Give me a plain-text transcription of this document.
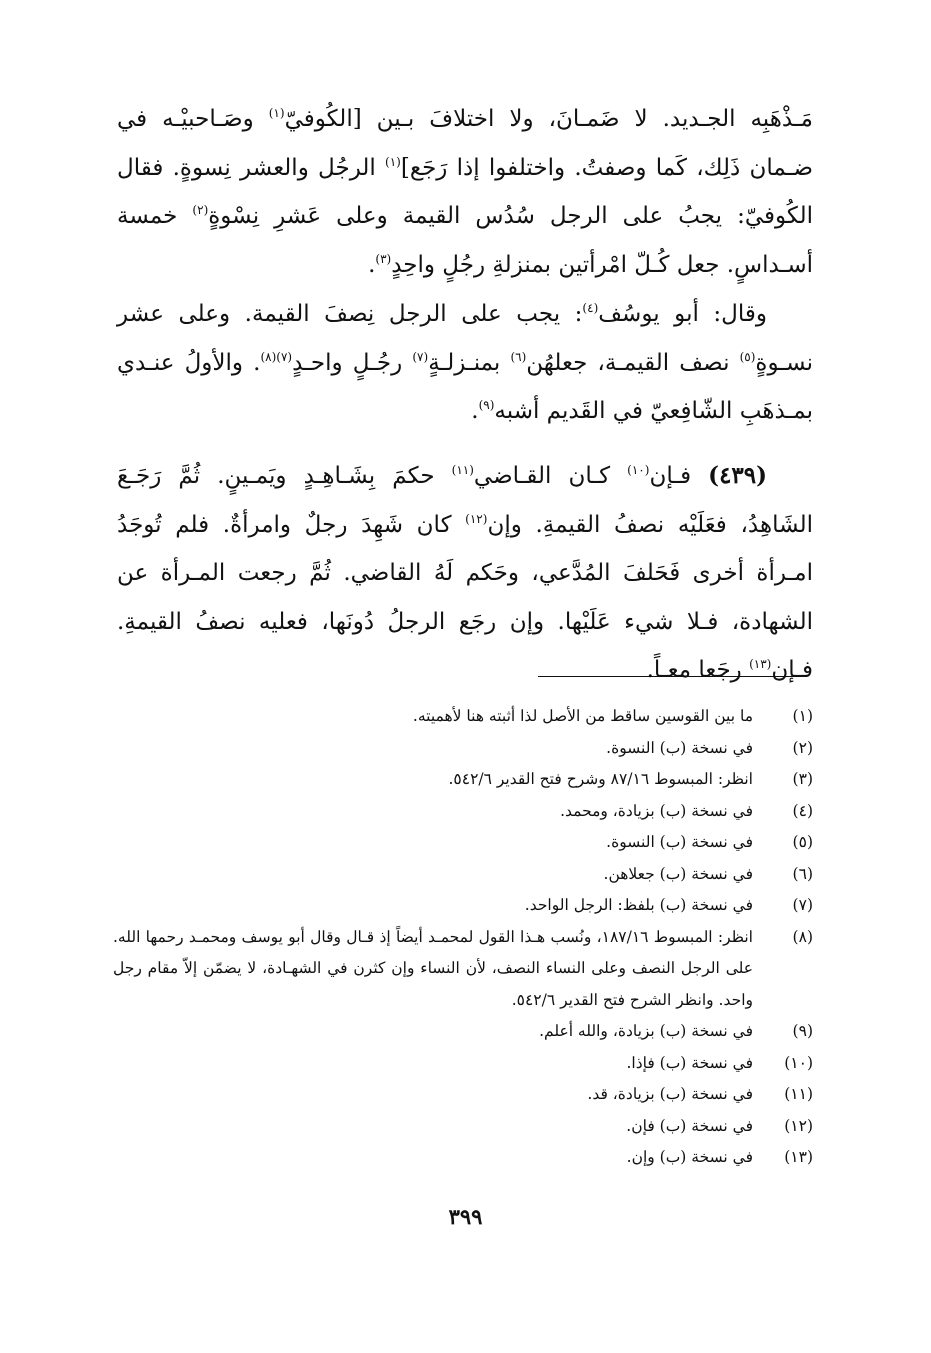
مَـذْهَبِه الجـديد. لا ضَمـانَ، ولا اختلافَ بـين [الكُوفيّ$^{(١)}$ وصَـاحبيْـه في ضـمان ذَلِك، كَما وصفتُ. واختلفوا إذا رَجَع]$^{(١)}$ الرجُل والعشر نِسوةٍ. فقال الكُوفيّ: يجبُ على الرجل سُدُس القيمة وعلى عَشرِ نِسْوةٍ$^{(٢)}$ خمسة أسـداسٍ. جعل كُـلّ امْرأتين بمنزلةِ رجُلٍ واحِدٍ$^{(٣)}$.

وقال: أبو يوسُف$^{(٤)}$: يجب على الرجل نِصفَ القيمة. وعلى عشر نسـوةٍ$^{(٥)}$ نصف القيمـة، جعلهُن$^{(٦)}$ بمنـزلـةٍ$^{(٧)}$ رجُـلٍ واحـدٍ$^{(٧)(٨)}$. والأولُ عنـدي بمـذهَبِ الشّافِعيّ في القَديم أشبه$^{(٩)}$.

(٤٣٩) فـإن$^{(١٠)}$ كـان القـاضي$^{(١١)}$ حكمَ بِشَـاهِـدٍ ويَمـينٍ. ثُمَّ رَجَـعَ الشَاهِدُ، فعَلَيْه نصفُ القيمةِ. وإن$^{(١٢)}$ كان شَهِدَ رجلٌ وامرأةٌ. فلم تُوجَدُ امـرأة أخرى فَحَلفَ المُدَّعي، وحَكم لَهُ القاضي. ثُمَّ رجعت المـرأة عن الشهادة، فـلا شيء عَلَيْها. وإن رجَع الرجلُ دُونَها، فعليه نصفُ القيمةِ. فـإن$^{(١٣)}$ رجَعا معـاً.

(١)
ما بين القوسين ساقط من الأصل لذا أثبته هنا لأهميته.
(٢)
في نسخة (ب) النسوة.
(٣)
انظر: المبسوط ٨٧/١٦ وشرح فتح القدير ٥٤٢/٦.
(٤)
في نسخة (ب) بزيادة، ومحمد.
(٥)
في نسخة (ب) النسوة.
(٦)
في نسخة (ب) جعلاهن.
(٧)
في نسخة (ب) بلفظ: الرجل الواحد.
(٨)
انظر: المبسوط ١٨٧/١٦، ونُسب هـذا القول لمحمـد أيضاً إذ قـال وقال أبو يوسف ومحمـد رحمها الله. على الرجل النصف وعلى النساء النصف، لأن النساء وإن كثرن في الشهـادة، لا يضمّن إلاّ مقام رجل واحد. وانظر الشرح فتح القدير ٥٤٢/٦.
(٩)
في نسخة (ب) بزيادة، والله أعلم.
(١٠)
في نسخة (ب) فإذا.
(١١)
في نسخة (ب) بزيادة، قد.
(١٢)
في نسخة (ب) فإن.
(١٣)
في نسخة (ب) وإن.
٣٩٩
